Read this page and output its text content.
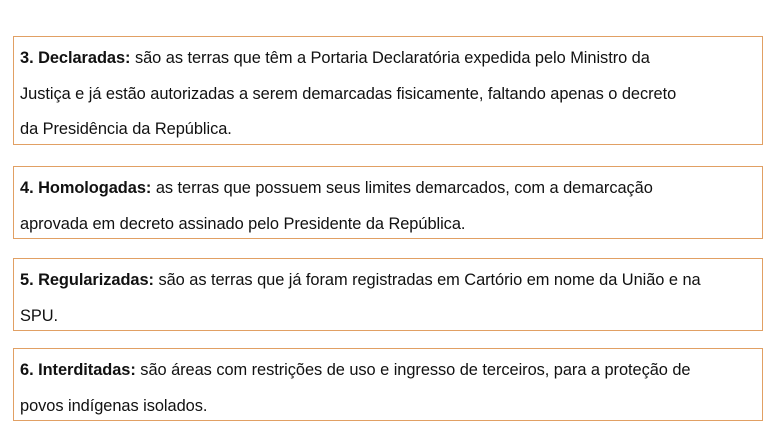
3. Declaradas: são as terras que têm a Portaria Declaratória expedida pelo Ministro da
Justiça e já estão autorizadas a serem demarcadas fisicamente, faltando apenas o decreto
da Presidência da República.
4. Homologadas: as terras que possuem seus limites demarcados, com a demarcação
aprovada em decreto assinado pelo Presidente da República.
5. Regularizadas: são as terras que já foram registradas em Cartório em nome da União e na
SPU.
6. Interditadas: são áreas com restrições de uso e ingresso de terceiros, para a proteção de
povos indígenas isolados.
